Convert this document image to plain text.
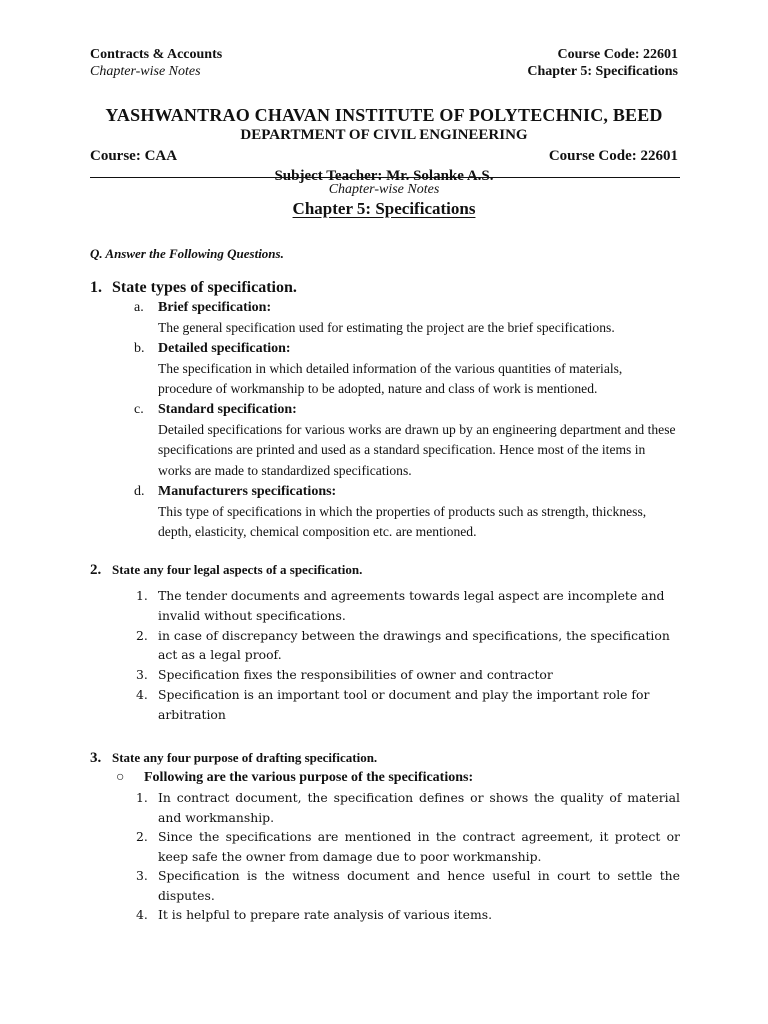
Contracts & Accounts	Course Code: 22601
Chapter-wise Notes	Chapter 5: Specifications
YASHWANTRAO CHAVAN INSTITUTE OF POLYTECHNIC, BEED
DEPARTMENT OF CIVIL ENGINEERING
Course: CAA	Course Code: 22601
Subject Teacher: Mr. Solanke A.S.
Chapter-wise Notes
Chapter 5: Specifications
Q. Answer the Following Questions.
1. State types of specification.
a. Brief specification:
The general specification used for estimating the project are the brief specifications.
b. Detailed specification:
The specification in which detailed information of the various quantities of materials, procedure of workmanship to be adopted, nature and class of work is mentioned.
c. Standard specification:
Detailed specifications for various works are drawn up by an engineering department and these specifications are printed and used as a standard specification. Hence most of the items in works are made to standardized specifications.
d. Manufacturers specifications:
This type of specifications in which the properties of products such as strength, thickness, depth, elasticity, chemical composition etc. are mentioned.
2. State any four legal aspects of a specification.
1. The tender documents and agreements towards legal aspect are incomplete and invalid without specifications.
2. in case of discrepancy between the drawings and specifications, the specification act as a legal proof.
3. Specification fixes the responsibilities of owner and contractor
4. Specification is an important tool or document and play the important role for arbitration
3. State any four purpose of drafting specification.
○ Following are the various purpose of the specifications:
1. In contract document, the specification defines or shows the quality of material and workmanship.
2. Since the specifications are mentioned in the contract agreement, it protect or keep safe the owner from damage due to poor workmanship.
3. Specification is the witness document and hence useful in court to settle the disputes.
4. It is helpful to prepare rate analysis of various items.
